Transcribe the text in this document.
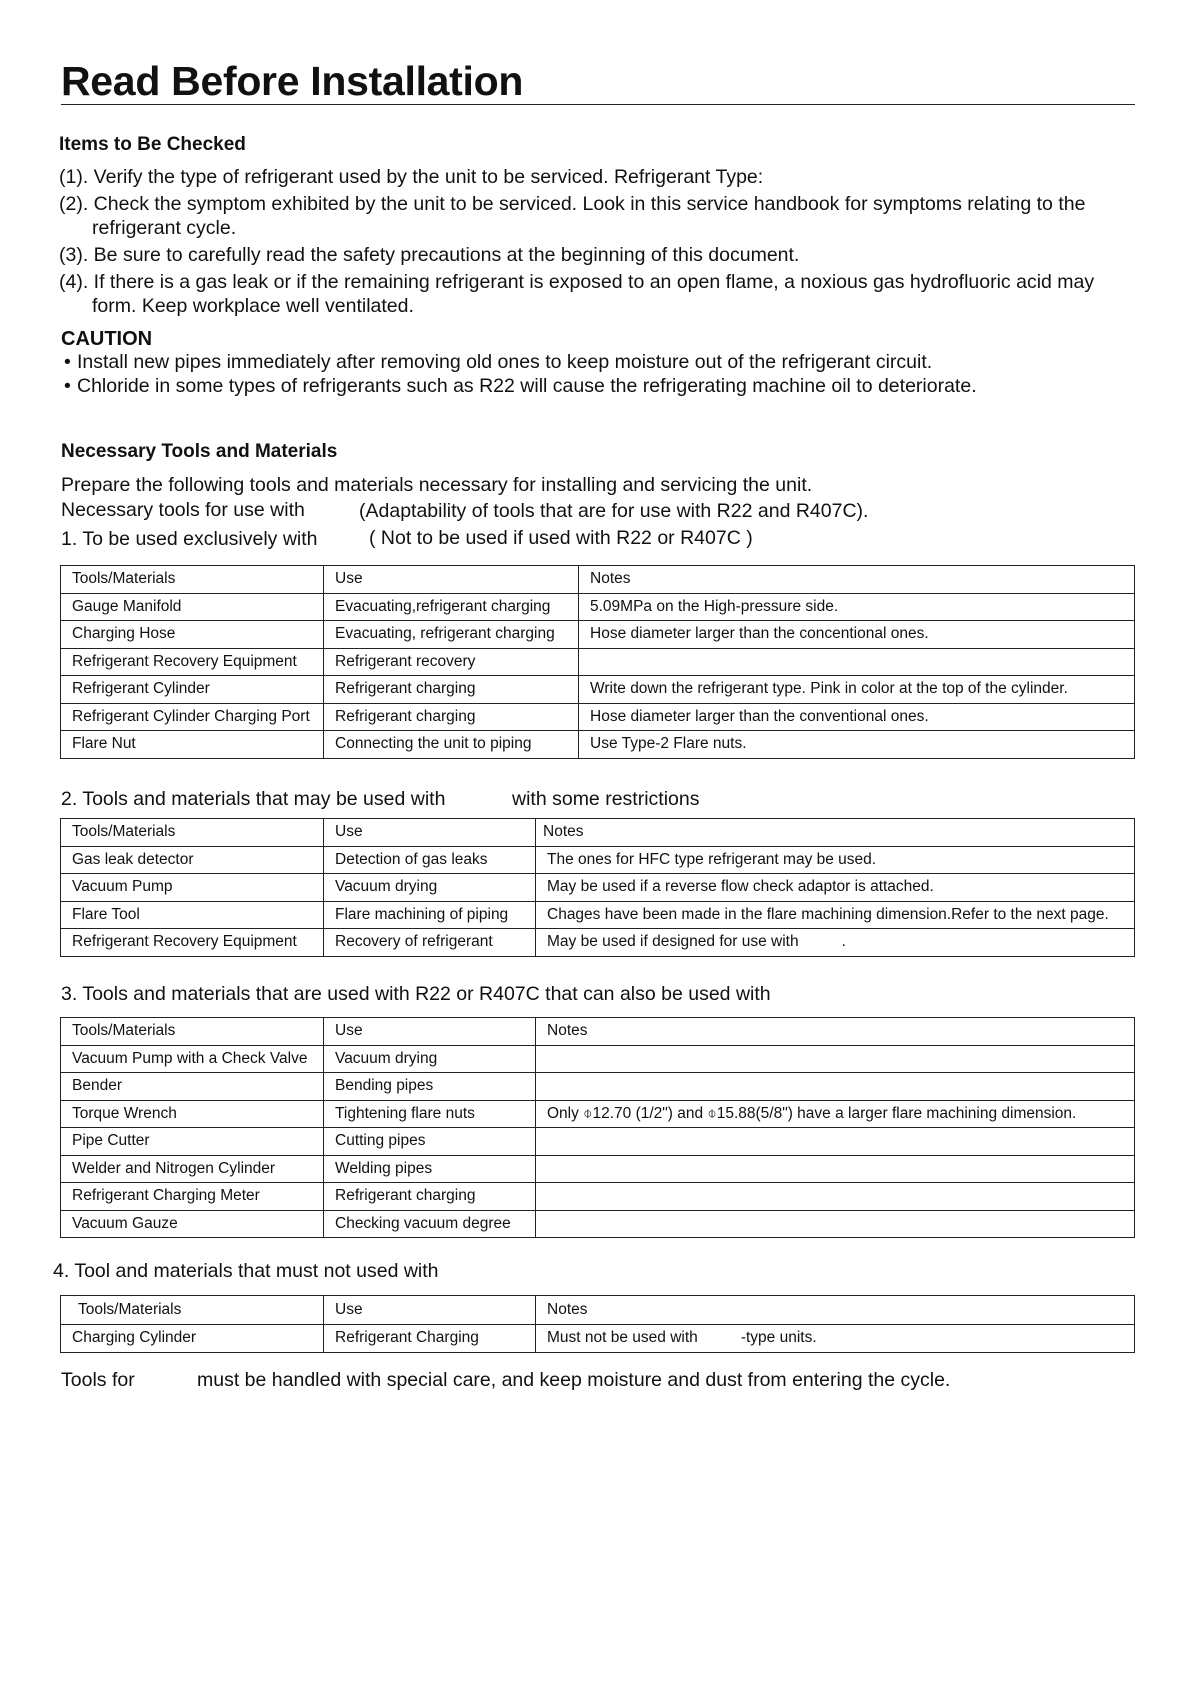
Read Before Installation
Items to Be Checked
(1). Verify the type of refrigerant used by the unit to be serviced. Refrigerant Type:
(2). Check the symptom exhibited by the unit to be serviced. Look in this service handbook for symptoms relating to the
refrigerant cycle.
(3). Be sure to carefully read the safety precautions at the beginning of this document.
(4). If there is a gas leak or if the remaining refrigerant is exposed to an open flame, a noxious gas hydrofluoric acid may
form. Keep workplace well ventilated.
CAUTION
• Install new pipes immediately after removing old ones to keep moisture out of the refrigerant circuit.
• Chloride in some types of refrigerants such as R22 will cause the refrigerating machine oil to deteriorate.
Necessary Tools and Materials
Prepare the following tools and materials necessary for installing and servicing the unit.
Necessary tools for use with	(Adaptability of tools that are for use with R22 and R407C).
1. To be used exclusively with	( Not to be used if used with R22 or R407C )
Tools/Materials	Use	Notes
Gauge Manifold	Evacuating,refrigerant charging	5.09MPa on the High-pressure side.
Charging Hose	Evacuating, refrigerant charging	Hose diameter larger than the concentional ones.
Refrigerant Recovery Equipment	Refrigerant recovery	
Refrigerant Cylinder	Refrigerant charging	Write down the refrigerant type. Pink in color at the top of the cylinder.
Refrigerant Cylinder Charging Port	Refrigerant charging	Hose diameter larger than the conventional ones.
Flare Nut	Connecting the unit to piping	Use Type-2 Flare nuts.
2. Tools and materials that may be used with	with some restrictions
Tools/Materials	Use	Notes
Gas leak detector	Detection of gas leaks	The ones for HFC type refrigerant may be used.
Vacuum Pump	Vacuum drying	May be used if a reverse flow check adaptor is attached.
Flare Tool	Flare machining of piping	Chages have been made in the flare machining dimension.Refer to the next page.
Refrigerant Recovery Equipment	Recovery of refrigerant	May be used if designed for use with          .
3. Tools and materials that are used with R22 or R407C that can also be used with
Tools/Materials	Use	Notes
Vacuum Pump with a Check Valve	Vacuum drying	
Bender	Bending pipes	
Torque Wrench	Tightening flare nuts	Only ⌽12.70 (1/2") and ⌽15.88(5/8") have a larger flare machining dimension.
Pipe Cutter	Cutting pipes	
Welder and Nitrogen Cylinder	Welding pipes	
Refrigerant Charging Meter	Refrigerant charging	
Vacuum Gauze	Checking vacuum degree	
4. Tool and materials that must not used with
Tools/Materials	Use	Notes
Charging Cylinder	Refrigerant Charging	Must not be used with          -type units.
Tools for	must be handled with special care, and keep moisture and dust from entering the cycle.
